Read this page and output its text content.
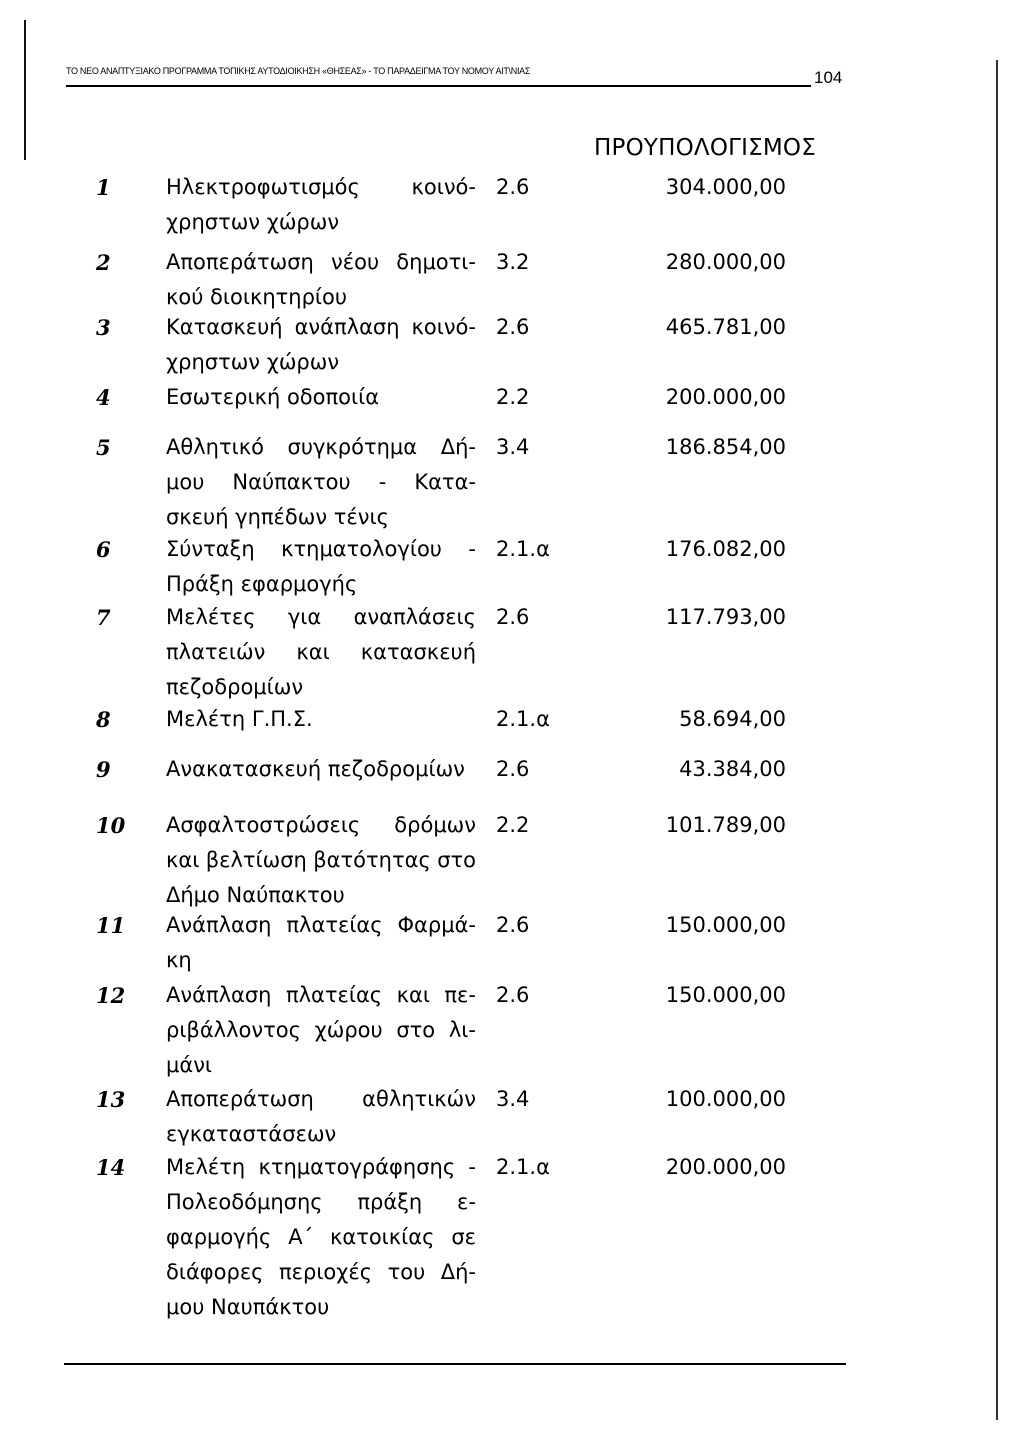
ΤΟ ΝΕΟ ΑΝΑΠΤΥΞΙΑΚΟ ΠΡΟΓΡΑΜΜΑ ΤΟΠΙΚΗΣ ΑΥΤΟΔΙΟΙΚΗΣΗ «ΘΗΣΕΑΣ» - ΤΟ ΠΑΡΑΔΕΙΓΜΑ ΤΟΥ ΝΟΜΟΥ ΑΙΤ\ΝΙΑΣ	104
ΠΡΟΥΠΟΛΟΓΙΣΜΟΣ
1	Ηλεκτροφωτισμός κοινό-
χρηστων χώρων
2.6	304.000,00
2	Αποπεράτωση νέου δημοτι-
κού διοικητηρίου
3.2	280.000,00
3	Κατασκευή ανάπλαση κοινό-
χρηστων χώρων
2.6	465.781,00
4	Εσωτερική οδοποιία	2.2	200.000,00
5	Αθλητικό συγκρότημα Δή-
μου Ναύπακτου - Κατα-
σκευή γηπέδων τένις
3.4	186.854,00
6	Σύνταξη κτηματολογίου -
Πράξη εφαρμογής
2.1.α	176.082,00
7	Μελέτες για αναπλάσεις
πλατειών και κατασκευή
πεζοδρομίων
2.6	117.793,00
8	Μελέτη Γ.Π.Σ.	2.1.α	58.694,00
9	Ανακατασκευή πεζοδρομίων	2.6	43.384,00
10	Ασφαλτοστρώσεις δρόμων
και βελτίωση βατότητας στο
Δήμο Ναύπακτου
2.2	101.789,00
11	Ανάπλαση πλατείας Φαρμά-
κη
2.6	150.000,00
12	Ανάπλαση πλατείας και πε-
ριβάλλοντος χώρου στο λι-
μάνι
2.6	150.000,00
13	Αποπεράτωση αθλητικών
εγκαταστάσεων
3.4	100.000,00
14	Μελέτη κτηματογράφησης -
Πολεοδόμησης πράξη ε-
φαρμογής Α΄ κατοικίας σε
διάφορες περιοχές του Δή-
μου Ναυπάκτου
2.1.α	200.000,00
